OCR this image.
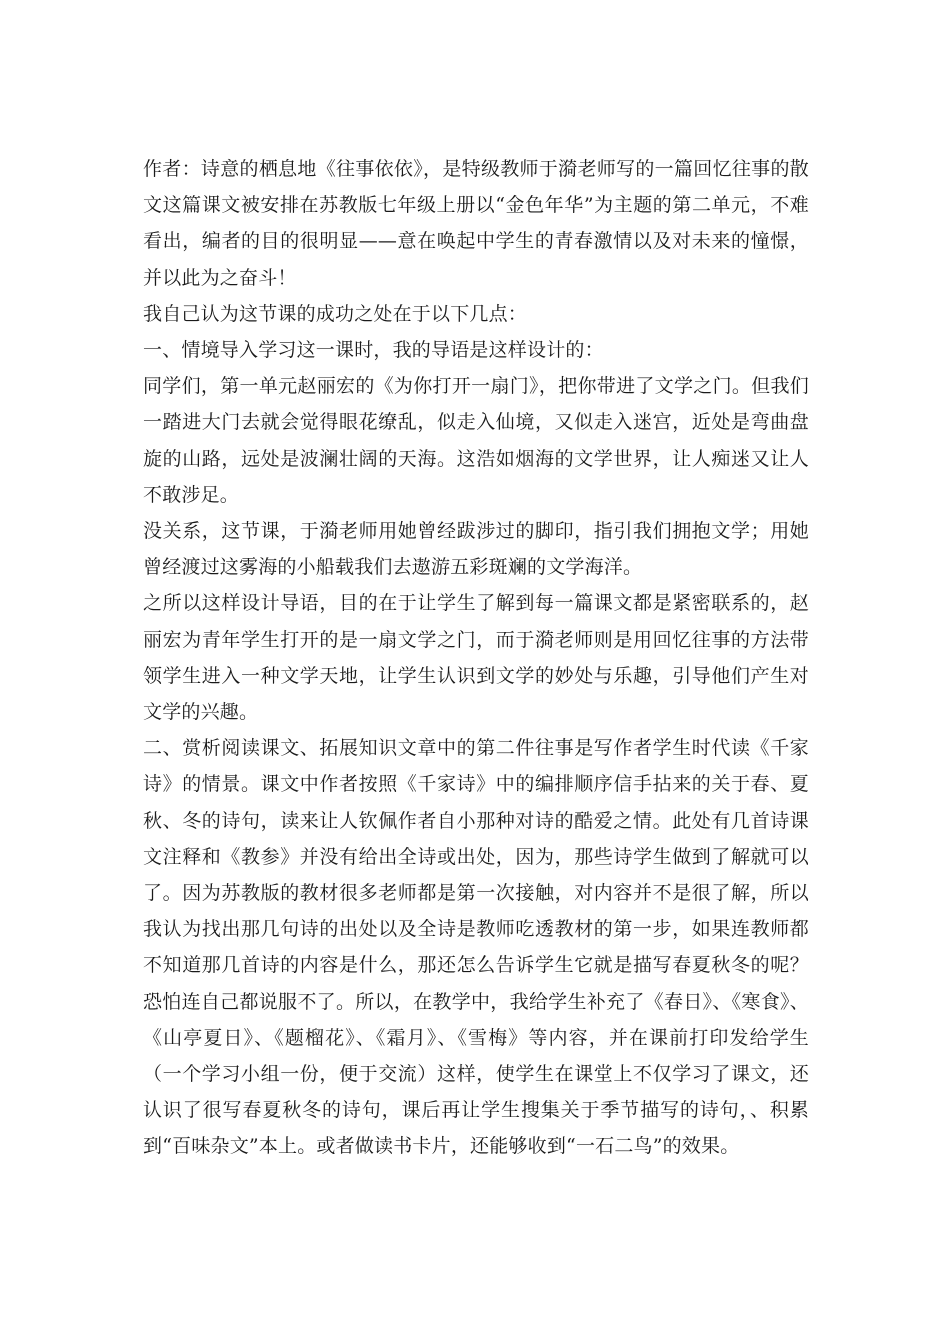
作者：诗意的栖息地《往事依依》，是特级教师于漪老师写的一篇回忆往事的散文这篇课文被安排在苏教版七年级上册以“金色年华”为主题的第二单元，不难看出，编者的目的很明显——意在唤起中学生的青春激情以及对未来的憧憬，并以此为之奋斗！

我自己认为这节课的成功之处在于以下几点：

一、情境导入学习这一课时，我的导语是这样设计的：

同学们，第一单元赵丽宏的《为你打开一扇门》，把你带进了文学之门。但我们一踏进大门去就会觉得眼花缭乱，似走入仙境，又似走入迷宫，近处是弯曲盘旋的山路，远处是波澜壮阔的天海。这浩如烟海的文学世界，让人痴迷又让人不敢涉足。

没关系，这节课，于漪老师用她曾经跋涉过的脚印，指引我们拥抱文学；用她曾经渡过这雾海的小船载我们去遨游五彩斑斓的文学海洋。

之所以这样设计导语，目的在于让学生了解到每一篇课文都是紧密联系的，赵丽宏为青年学生打开的是一扇文学之门，而于漪老师则是用回忆往事的方法带领学生进入一种文学天地，让学生认识到文学的妙处与乐趣，引导他们产生对文学的兴趣。

二、赏析阅读课文、拓展知识文章中的第二件往事是写作者学生时代读《千家诗》的情景。课文中作者按照《千家诗》中的编排顺序信手拈来的关于春、夏秋、冬的诗句，读来让人钦佩作者自小那种对诗的酷爱之情。此处有几首诗课文注释和《教参》并没有给出全诗或出处，因为，那些诗学生做到了解就可以了。因为苏教版的教材很多老师都是第一次接触，对内容并不是很了解，所以我认为找出那几句诗的出处以及全诗是教师吃透教材的第一步，如果连教师都不知道那几首诗的内容是什么，那还怎么告诉学生它就是描写春夏秋冬的呢？恐怕连自己都说服不了。所以，在教学中，我给学生补充了《春日》、《寒食》、《山亭夏日》、《题榴花》、《霜月》、《雪梅》等内容，并在课前打印发给学生（一个学习小组一份，便于交流）这样，使学生在课堂上不仅学习了课文，还认识了很写春夏秋冬的诗句，课后再让学生搜集关于季节描写的诗句，、积累到“百味杂文”本上。或者做读书卡片，还能够收到“一石二鸟”的效果。
